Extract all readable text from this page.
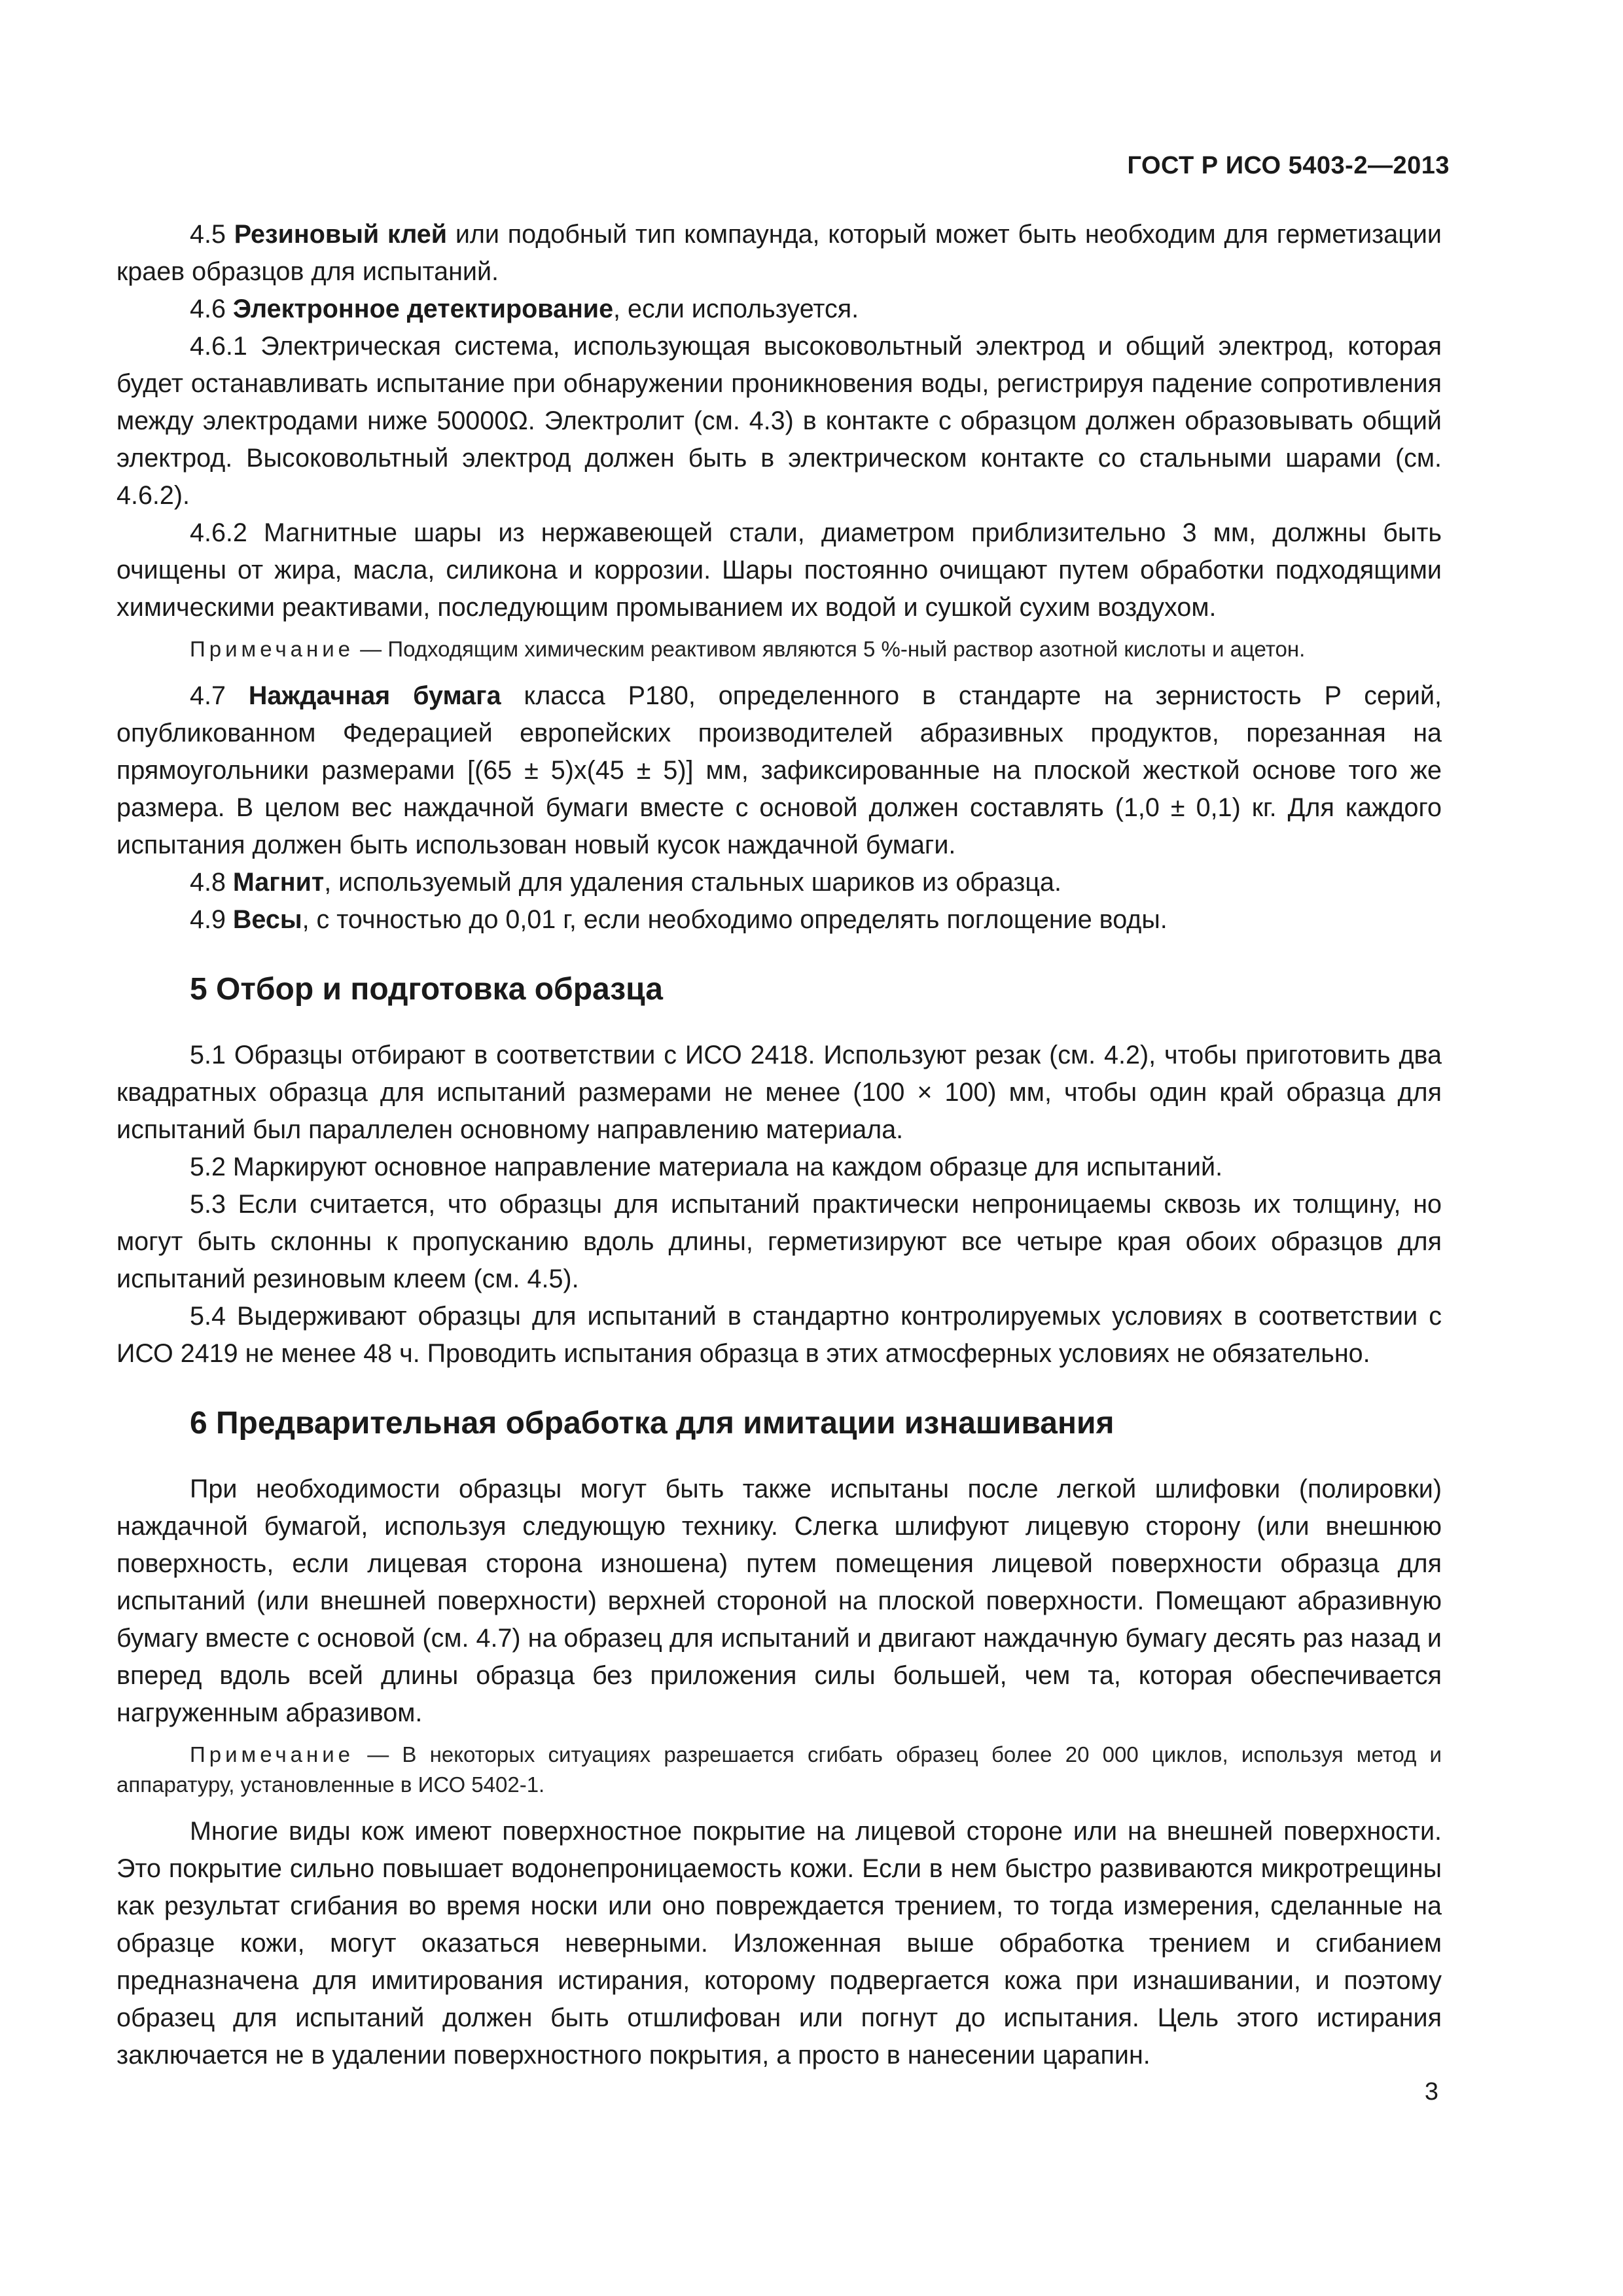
ГОСТ Р ИСО 5403-2—2013

4.5 Резиновый клей или подобный тип компаунда, который может быть необходим для герметизации краев образцов для испытаний.

4.6 Электронное детектирование, если используется.

4.6.1 Электрическая система, использующая высоковольтный электрод и общий электрод, которая будет останавливать испытание при обнаружении проникновения воды, регистрируя падение сопротивления между электродами ниже 50000Ω. Электролит (см. 4.3) в контакте с образцом должен образовывать общий электрод. Высоковольтный электрод должен быть в электрическом контакте со стальными шарами (см. 4.6.2).

4.6.2 Магнитные шары из нержавеющей стали, диаметром приблизительно 3 мм, должны быть очищены от жира, масла, силикона и коррозии. Шары постоянно очищают путем обработки подходящими химическими реактивами, последующим промыванием их водой и сушкой сухим воздухом.

Примечание — Подходящим химическим реактивом являются 5 %-ный раствор азотной кислоты и ацетон.

4.7 Наждачная бумага класса P180, определенного в стандарте на зернистость P серий, опубликованном Федерацией европейских производителей абразивных продуктов, порезанная на прямоугольники размерами [(65 ± 5)x(45 ± 5)] мм, зафиксированные на плоской жесткой основе того же размера. В целом вес наждачной бумаги вместе с основой должен составлять (1,0 ± 0,1) кг. Для каждого испытания должен быть использован новый кусок наждачной бумаги.

4.8 Магнит, используемый для удаления стальных шариков из образца.

4.9 Весы, с точностью до 0,01 г, если необходимо определять поглощение воды.

5 Отбор и подготовка образца

5.1 Образцы отбирают в соответствии с ИСО 2418. Используют резак (см. 4.2), чтобы приготовить два квадратных образца для испытаний размерами не менее (100 × 100) мм, чтобы один край образца для испытаний был параллелен основному направлению материала.

5.2 Маркируют основное направление материала на каждом образце для испытаний.

5.3 Если считается, что образцы для испытаний практически непроницаемы сквозь их толщину, но могут быть склонны к пропусканию вдоль длины, герметизируют все четыре края обоих образцов для испытаний резиновым клеем (см. 4.5).

5.4 Выдерживают образцы для испытаний в стандартно контролируемых условиях в соответствии с ИСО 2419 не менее 48 ч. Проводить испытания образца в этих атмосферных условиях не обязательно.

6 Предварительная обработка для имитации изнашивания

При необходимости образцы могут быть также испытаны после легкой шлифовки (полировки) наждачной бумагой, используя следующую технику. Слегка шлифуют лицевую сторону (или внешнюю поверхность, если лицевая сторона изношена) путем помещения лицевой поверхности образца для испытаний (или внешней поверхности) верхней стороной на плоской поверхности. Помещают абразивную бумагу вместе с основой (см. 4.7) на образец для испытаний и двигают наждачную бумагу десять раз назад и вперед вдоль всей длины образца без приложения силы большей, чем та, которая обеспечивается нагруженным абразивом.

Примечание — В некоторых ситуациях разрешается сгибать образец более 20 000 циклов, используя метод и аппаратуру, установленные в ИСО 5402-1.

Многие виды кож имеют поверхностное покрытие на лицевой стороне или на внешней поверхности. Это покрытие сильно повышает водонепроницаемость кожи. Если в нем быстро развиваются микротрещины как результат сгибания во время носки или оно повреждается трением, то тогда измерения, сделанные на образце кожи, могут оказаться неверными. Изложенная выше обработка трением и сгибанием предназначена для имитирования истирания, которому подвергается кожа при изнашивании, и поэтому образец для испытаний должен быть отшлифован или погнут до испытания. Цель этого истирания заключается не в удалении поверхностного покрытия, а просто в нанесении царапин.

3
